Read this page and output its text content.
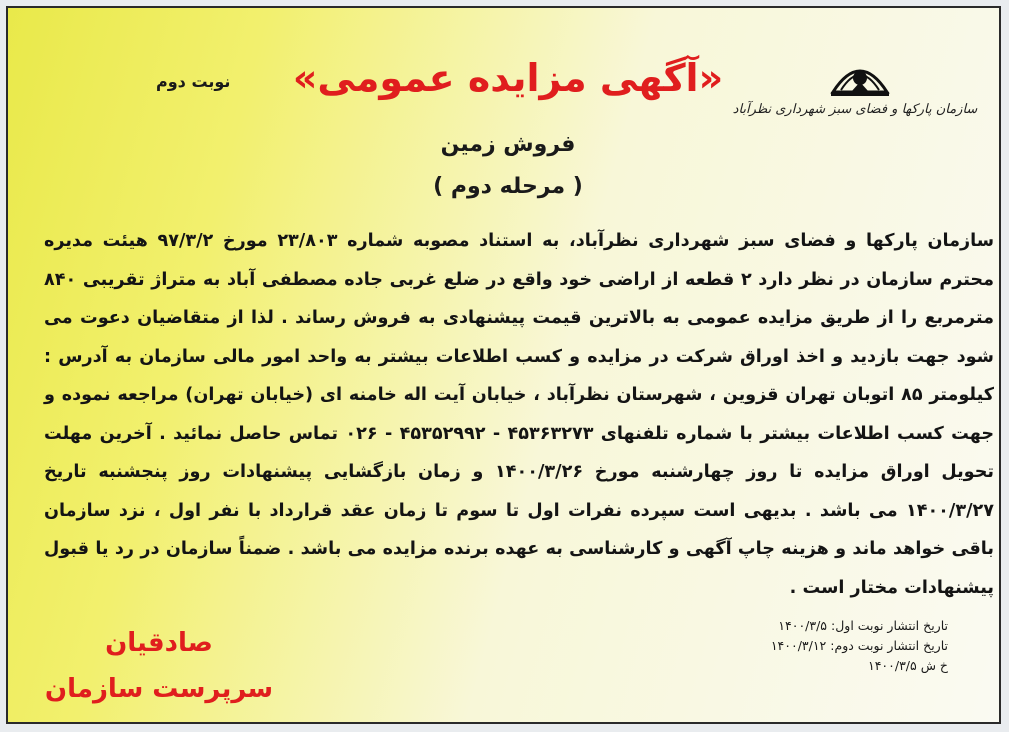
سازمان پارکها و فضای سبز شهرداری نظرآباد
نوبت دوم	«آگهی مزایده عمومی»
فروش زمین
( مرحله دوم )

سازمان پارکها و فضای سبز شهرداری نظرآباد، به استناد مصوبه شماره ۲۳/۸۰۳ مورخ ۹۷/۳/۲ هیئت مدیره محترم سازمان در نظر دارد ۲ قطعه از اراضی خود واقع در ضلع غربی جاده مصطفی آباد به متراژ تقریبی ۸۴۰ مترمربع را از طریق مزایده عمومی به بالاترین قیمت پیشنهادی به فروش رساند . لذا از متقاضیان دعوت می شود جهت بازدید و اخذ اوراق شرکت در مزایده و کسب اطلاعات بیشتر به واحد امور مالی سازمان به آدرس : کیلومتر ۸۵ اتوبان تهران قزوین ، شهرستان نظرآباد ، خیابان آیت اله خامنه ای (خیابان تهران) مراجعه نموده و جهت کسب اطلاعات بیشتر با شماره تلفنهای ۴۵۳۶۳۲۷۳ - ۴۵۳۵۲۹۹۲ - ۰۲۶ تماس حاصل نمائید . آخرین مهلت تحویل اوراق مزایده تا روز چهارشنبه مورخ ۱۴۰۰/۳/۲۶ و زمان بازگشایی پیشنهادات روز پنجشنبه تاریخ ۱۴۰۰/۳/۲۷ می باشد . بدیهی است سپرده نفرات اول تا سوم تا زمان عقد قرارداد با نفر اول ، نزد سازمان باقی خواهد ماند و هزینه چاپ آگهی و کارشناسی به عهده برنده مزایده می باشد . ضمناً سازمان در رد یا قبول پیشنهادات مختار است .

تاریخ انتشار نوبت اول: ۱۴۰۰/۳/۵
تاریخ انتشار نوبت دوم: ۱۴۰۰/۳/۱۲
خ ش ۱۴۰۰/۳/۵
صادقیان
سرپرست سازمان
